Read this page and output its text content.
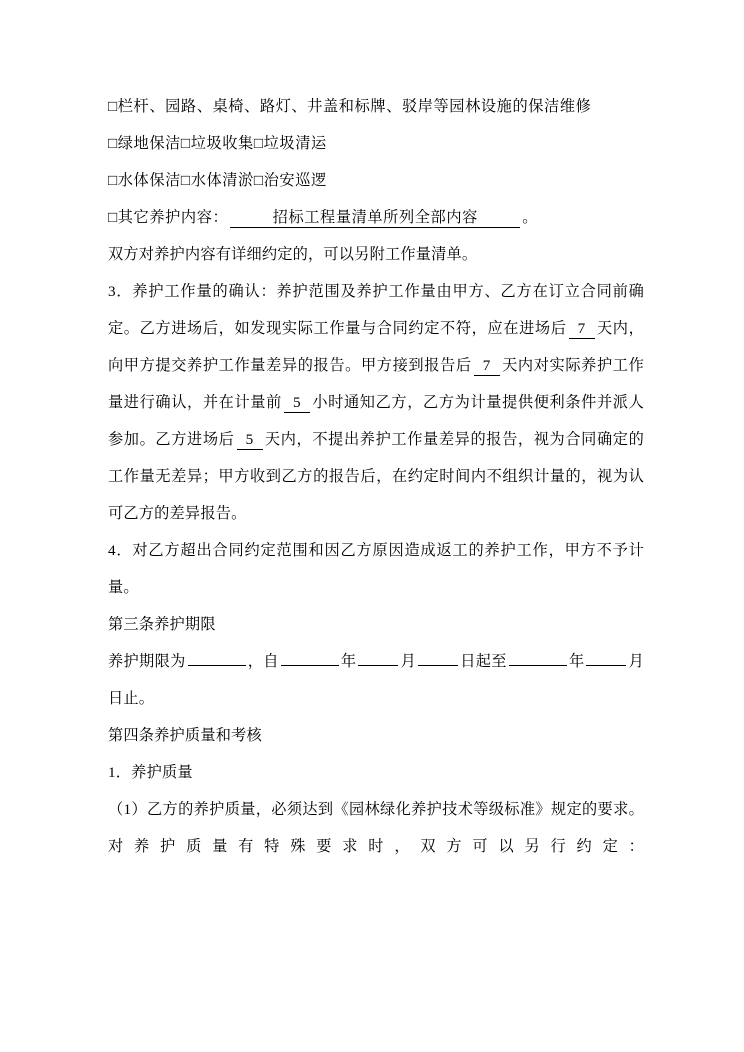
□栏杆、园路、桌椅、路灯、井盖和标牌、驳岸等园林设施的保洁维修

□绿地保洁□垃圾收集□垃圾清运

□水体保洁□水体清淤□治安巡逻

□其它养护内容：	招标工程量清单所列全部内容	。

双方对养护内容有详细约定的，可以另附工作量清单。

3．养护工作量的确认：养护范围及养护工作量由甲方、乙方在订立合同前确定。乙方进场后，如发现实际工作量与合同约定不符，应在进场后 7 天内，向甲方提交养护工作量差异的报告。甲方接到报告后 7 天内对实际养护工作量进行确认，并在计量前 5 小时通知乙方，乙方为计量提供便利条件并派人参加。乙方进场后 5 天内，不提出养护工作量差异的报告，视为合同确定的工作量无差异；甲方收到乙方的报告后，在约定时间内不组织计量的，视为认可乙方的差异报告。

4．对乙方超出合同约定范围和因乙方原因造成返工的养护工作，甲方不予计量。

第三条养护期限

养护期限为	，自	年	月	日起至	年	月日止。

第四条养护质量和考核

1．养护质量

（1）乙方的养护质量，必须达到《园林绿化养护技术等级标准》规定的要求。对养护质量有特殊要求时，双方可以另行约定：
